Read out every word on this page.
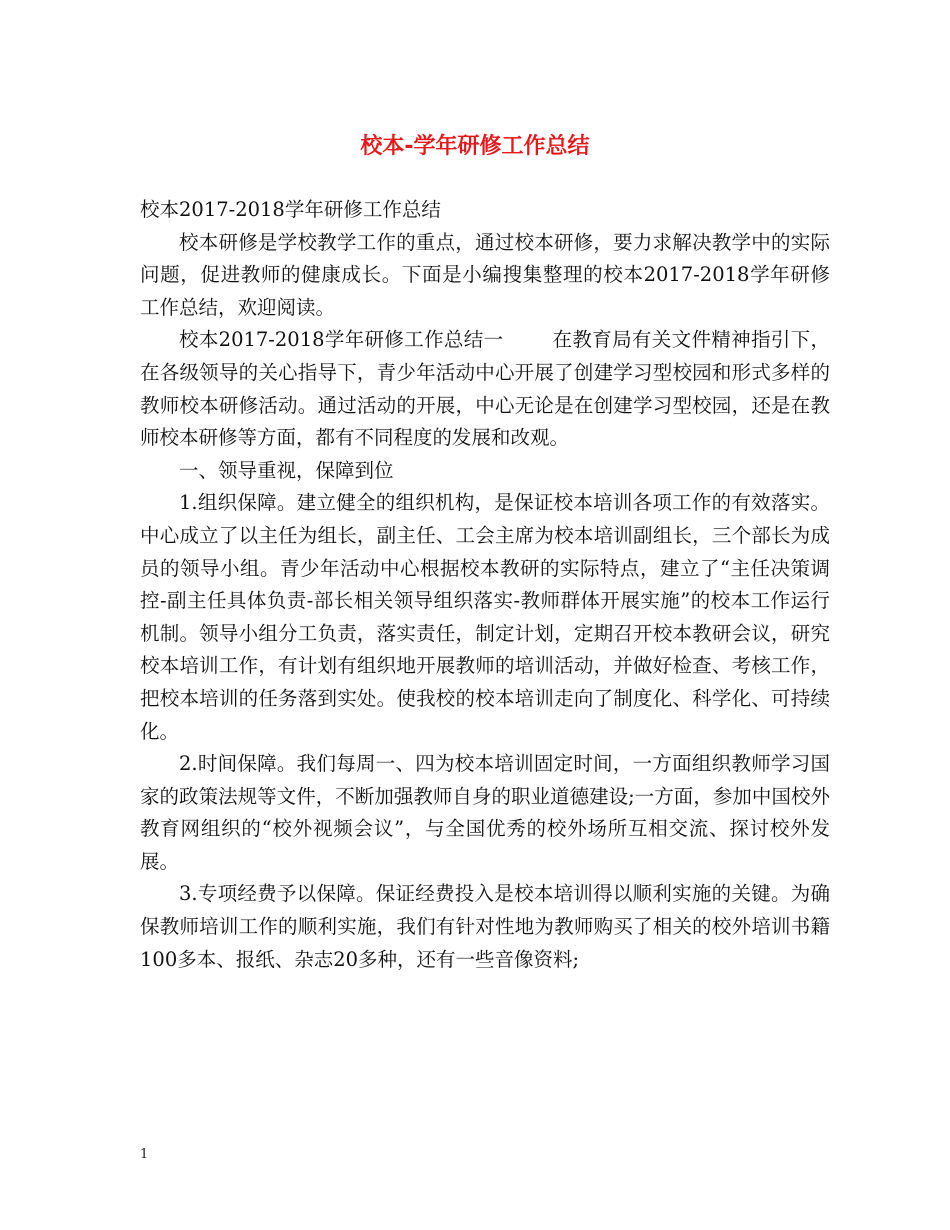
校本-学年研修工作总结

校本2017-2018学年研修工作总结

校本研修是学校教学工作的重点，通过校本研修，要力求解决教学中的实际问题，促进教师的健康成长。下面是小编搜集整理的校本2017-2018学年研修工作总结，欢迎阅读。

校本2017-2018学年研修工作总结一	在教育局有关文件精神指引下，在各级领导的关心指导下，青少年活动中心开展了创建学习型校园和形式多样的教师校本研修活动。通过活动的开展，中心无论是在创建学习型校园，还是在教师校本研修等方面，都有不同程度的发展和改观。

一、领导重视，保障到位

1.组织保障。建立健全的组织机构，是保证校本培训各项工作的有效落实。中心成立了以主任为组长，副主任、工会主席为校本培训副组长，三个部长为成员的领导小组。青少年活动中心根据校本教研的实际特点，建立了“主任决策调控-副主任具体负责-部长相关领导组织落实-教师群体开展实施”的校本工作运行机制。领导小组分工负责，落实责任，制定计划，定期召开校本教研会议，研究校本培训工作，有计划有组织地开展教师的培训活动，并做好检查、考核工作，把校本培训的任务落到实处。使我校的校本培训走向了制度化、科学化、可持续化。

2.时间保障。我们每周一、四为校本培训固定时间，一方面组织教师学习国家的政策法规等文件，不断加强教师自身的职业道德建设;一方面，参加中国校外教育网组织的“校外视频会议”，与全国优秀的校外场所互相交流、探讨校外发展。

3.专项经费予以保障。保证经费投入是校本培训得以顺利实施的关键。为确保教师培训工作的顺利实施，我们有针对性地为教师购买了相关的校外培训书籍100多本、报纸、杂志20多种，还有一些音像资料;

1
